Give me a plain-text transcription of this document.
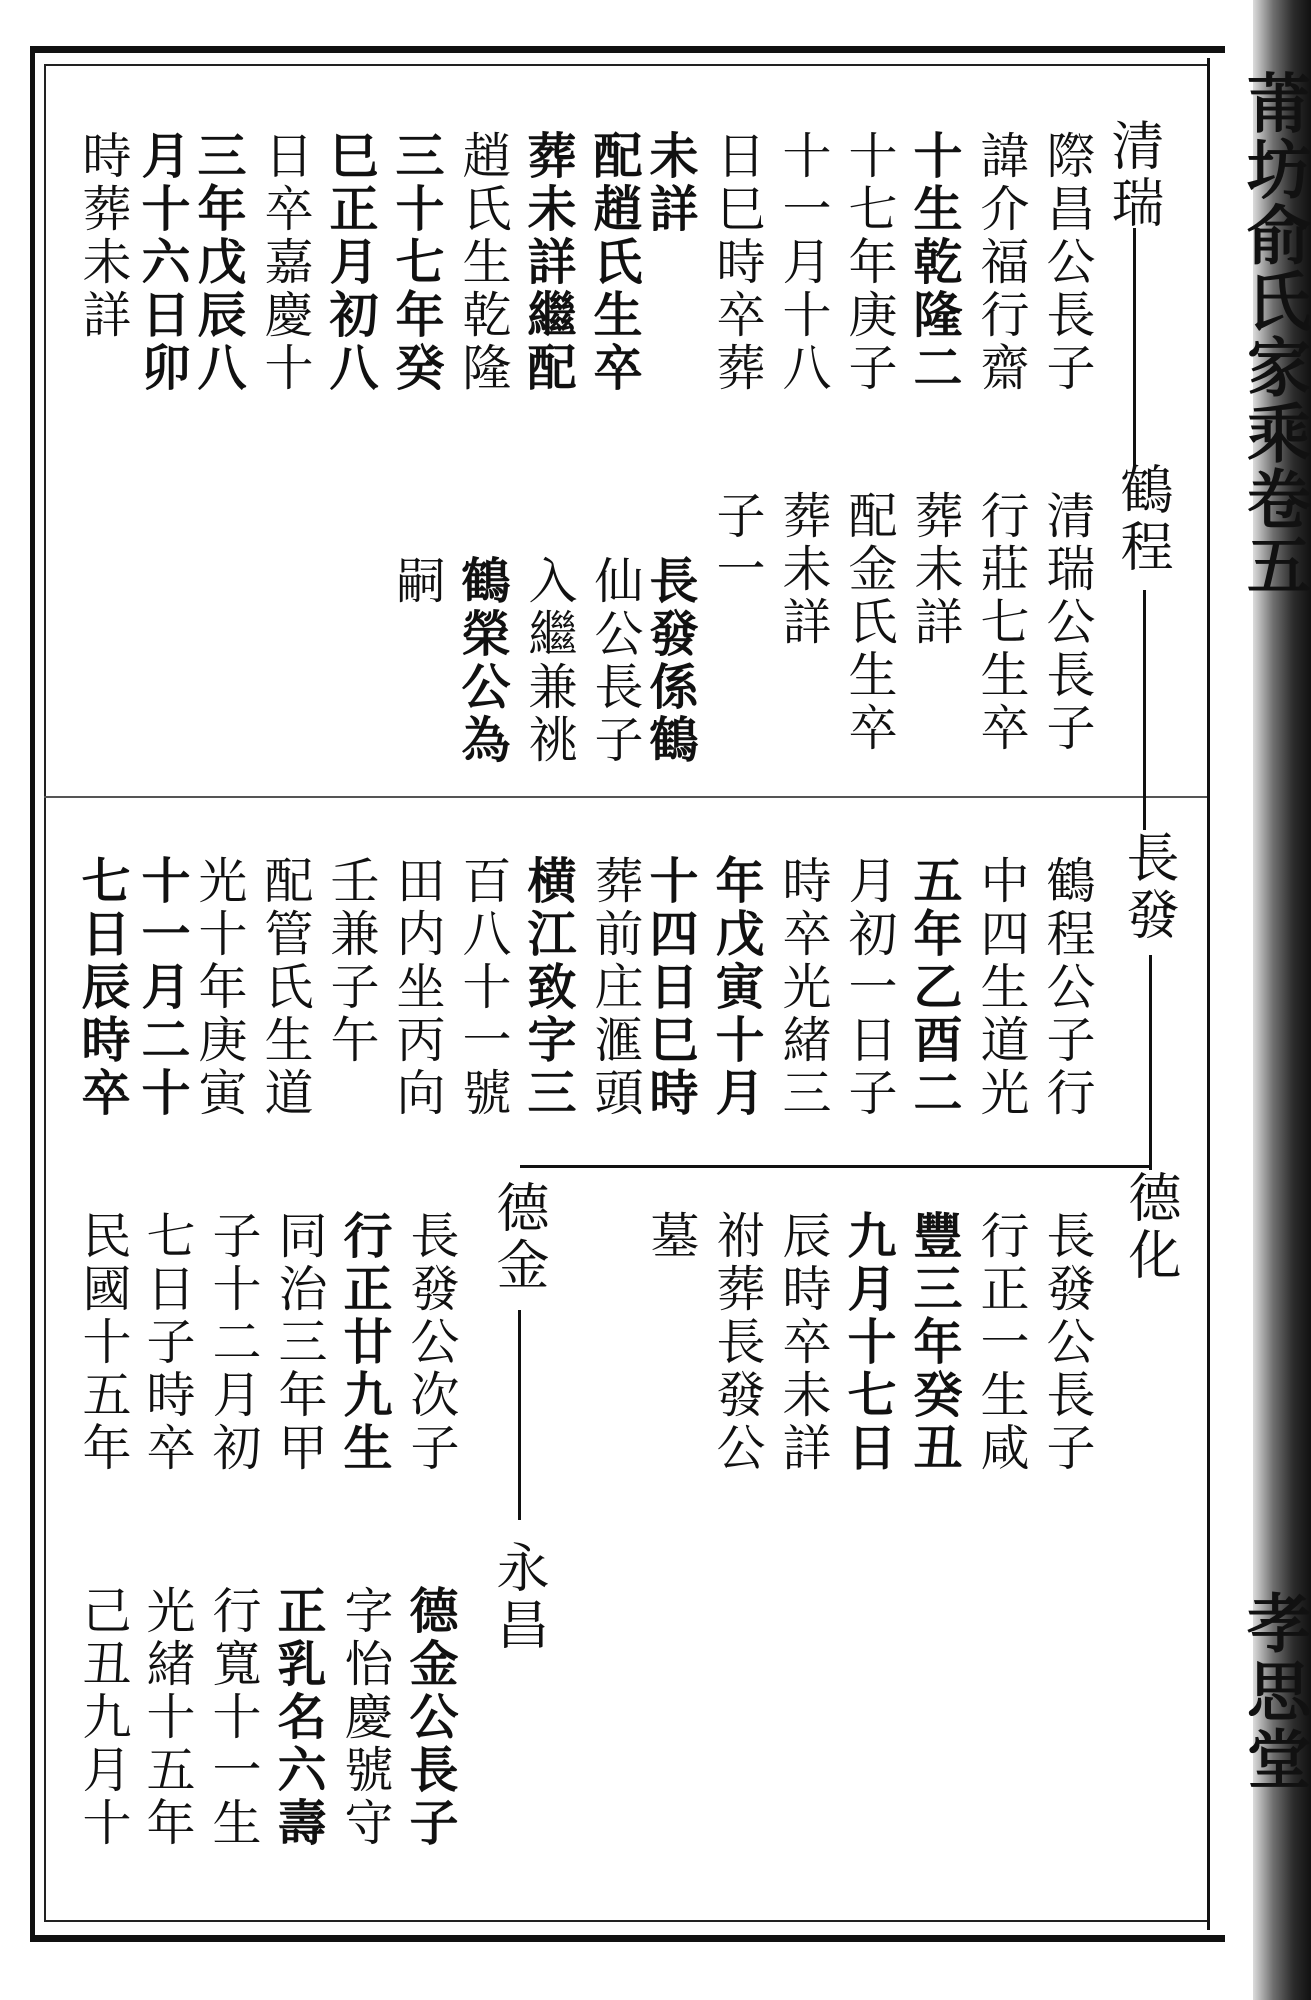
莆坊俞氏家乘卷五
孝思堂
清瑞
鶴程
長發
德化
德金
永昌
際昌公長子
諱介福行齋
十生乾隆二
十七年庚子
十一月十八
日巳時卒葬
未詳
配趙氏生卒
葬未詳繼配
趙氏生乾隆
三十七年癸
巳正月初八
日卒嘉慶十
三年戊辰八
月十六日卯
時葬未詳
清瑞公長子
行莊七生卒
葬未詳
配金氏生卒
葬未詳
子一
長發係鶴
仙公長子
入繼兼祧
鶴榮公為
嗣
鶴程公子行
中四生道光
五年乙酉二
月初一日子
時卒光緒三
年戊寅十月
十四日巳時
葬前庄滙頭
横江致字三
百八十一號
田内坐丙向
壬兼子午
配管氏生道
光十年庚寅
十一月二十
七日辰時卒
長發公長子
行正一生咸
豐三年癸丑
九月十七日
辰時卒未詳
祔葬長發公
墓
長發公次子
行正廿九生
同治三年甲
子十二月初
七日子時卒
民國十五年
德金公長子
字怡慶號守
正乳名六壽
行寬十一生
光緒十五年
己丑九月十
